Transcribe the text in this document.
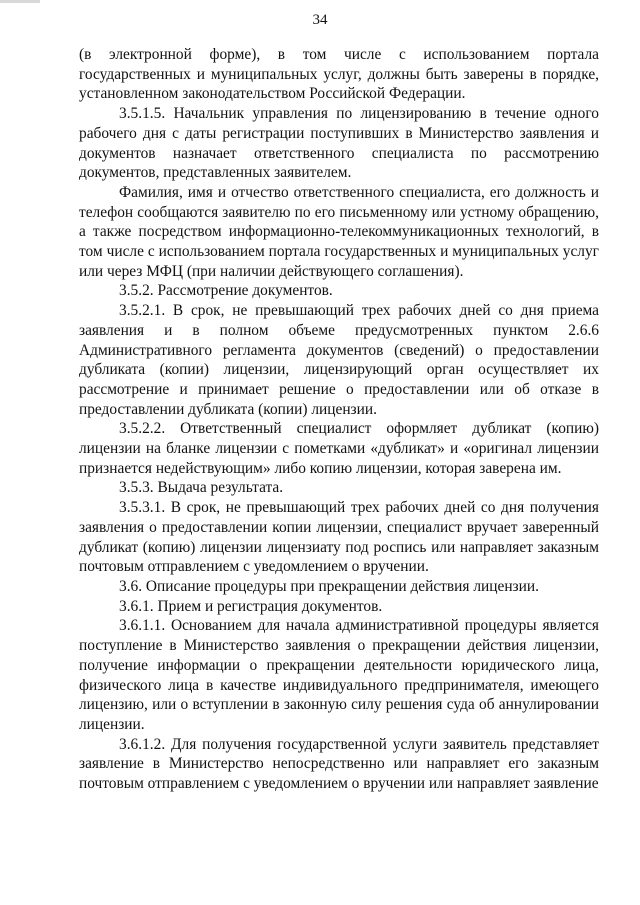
34

(в электронной форме), в том числе с использованием портала государственных и муниципальных услуг, должны быть заверены в порядке, установленном законодательством Российской Федерации.

3.5.1.5. Начальник управления по лицензированию в течение одного рабочего дня с даты регистрации поступивших в Министерство заявления и документов назначает ответственного специалиста по рассмотрению документов, представленных заявителем.

Фамилия, имя и отчество ответственного специалиста, его должность и телефон сообщаются заявителю по его письменному или устному обращению, а также посредством информационно-телекоммуникационных технологий, в том числе с использованием портала государственных и муниципальных услуг или через МФЦ (при наличии действующего соглашения).

3.5.2. Рассмотрение документов.

3.5.2.1. В срок, не превышающий трех рабочих дней со дня приема заявления и в полном объеме предусмотренных пунктом 2.6.6 Административного регламента документов (сведений) о предоставлении дубликата (копии) лицензии, лицензирующий орган осуществляет их рассмотрение и принимает решение о предоставлении или об отказе в предоставлении дубликата (копии) лицензии.

3.5.2.2. Ответственный специалист оформляет дубликат (копию) лицензии на бланке лицензии с пометками «дубликат» и «оригинал лицензии признается недействующим» либо копию лицензии, которая заверена им.

3.5.3. Выдача результата.

3.5.3.1. В срок, не превышающий трех рабочих дней со дня получения заявления о предоставлении копии лицензии, специалист вручает заверенный дубликат (копию) лицензии лицензиату под роспись или направляет заказным почтовым отправлением с уведомлением о вручении.

3.6. Описание процедуры при прекращении действия лицензии.

3.6.1. Прием и регистрация документов.

3.6.1.1. Основанием для начала административной процедуры является поступление в Министерство заявления о прекращении действия лицензии, получение информации о прекращении деятельности юридического лица, физического лица в качестве индивидуального предпринимателя, имеющего лицензию, или о вступлении в законную силу решения суда об аннулировании лицензии.

3.6.1.2. Для получения государственной услуги заявитель представляет заявление в Министерство непосредственно или направляет его заказным почтовым отправлением с уведомлением о вручении или направляет заявление
